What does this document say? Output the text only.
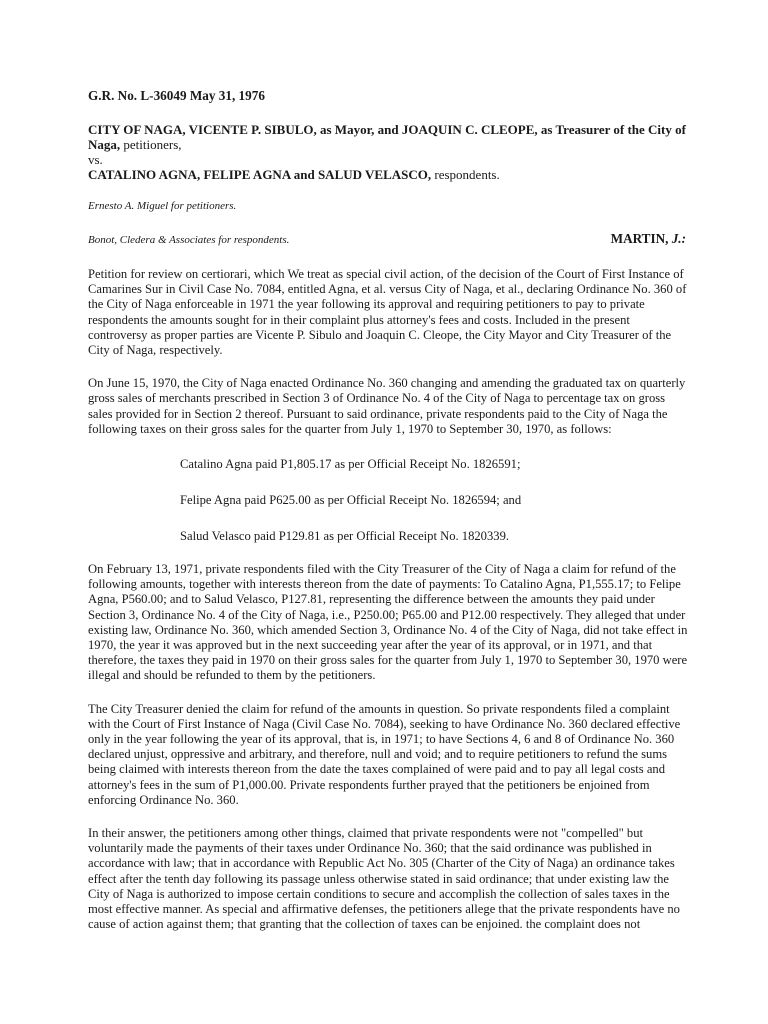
G.R. No. L-36049 May 31, 1976

CITY OF NAGA, VICENTE P. SIBULO, as Mayor, and JOAQUIN C. CLEOPE, as Treasurer of the City of Naga, petitioners,
vs.
CATALINO AGNA, FELIPE AGNA and SALUD VELASCO, respondents.

Ernesto A. Miguel for petitioners.

Bonot, Cledera & Associates for respondents.	MARTIN, J.:

Petition for review on certiorari, which We treat as special civil action, of the decision of the Court of First Instance of Camarines Sur in Civil Case No. 7084, entitled Agna, et al. versus City of Naga, et al., declaring Ordinance No. 360 of the City of Naga enforceable in 1971 the year following its approval and requiring petitioners to pay to private respondents the amounts sought for in their complaint plus attorney's fees and costs. Included in the present controversy as proper parties are Vicente P. Sibulo and Joaquin C. Cleope, the City Mayor and City Treasurer of the City of Naga, respectively.

On June 15, 1970, the City of Naga enacted Ordinance No. 360 changing and amending the graduated tax on quarterly gross sales of merchants prescribed in Section 3 of Ordinance No. 4 of the City of Naga to percentage tax on gross sales provided for in Section 2 thereof. Pursuant to said ordinance, private respondents paid to the City of Naga the following taxes on their gross sales for the quarter from July 1, 1970 to September 30, 1970, as follows:

Catalino Agna paid P1,805.17 as per Official Receipt No. 1826591;

Felipe Agna paid P625.00 as per Official Receipt No. 1826594; and

Salud Velasco paid P129.81 as per Official Receipt No. 1820339.

On February 13, 1971, private respondents filed with the City Treasurer of the City of Naga a claim for refund of the following amounts, together with interests thereon from the date of payments: To Catalino Agna, P1,555.17; to Felipe Agna, P560.00; and to Salud Velasco, P127.81, representing the difference between the amounts they paid under Section 3, Ordinance No. 4 of the City of Naga, i.e., P250.00; P65.00 and P12.00 respectively. They alleged that under existing law, Ordinance No. 360, which amended Section 3, Ordinance No. 4 of the City of Naga, did not take effect in 1970, the year it was approved but in the next succeeding year after the year of its approval, or in 1971, and that therefore, the taxes they paid in 1970 on their gross sales for the quarter from July 1, 1970 to September 30, 1970 were illegal and should be refunded to them by the petitioners.

The City Treasurer denied the claim for refund of the amounts in question. So private respondents filed a complaint with the Court of First Instance of Naga (Civil Case No. 7084), seeking to have Ordinance No. 360 declared effective only in the year following the year of its approval, that is, in 1971; to have Sections 4, 6 and 8 of Ordinance No. 360 declared unjust, oppressive and arbitrary, and therefore, null and void; and to require petitioners to refund the sums being claimed with interests thereon from the date the taxes complained of were paid and to pay all legal costs and attorney's fees in the sum of P1,000.00. Private respondents further prayed that the petitioners be enjoined from enforcing Ordinance No. 360.

In their answer, the petitioners among other things, claimed that private respondents were not "compelled" but voluntarily made the payments of their taxes under Ordinance No. 360; that the said ordinance was published in accordance with law; that in accordance with Republic Act No. 305 (Charter of the City of Naga) an ordinance takes effect after the tenth day following its passage unless otherwise stated in said ordinance; that under existing law the City of Naga is authorized to impose certain conditions to secure and accomplish the collection of sales taxes in the most effective manner. As special and affirmative defenses, the petitioners allege that the private respondents have no cause of action against them; that granting that the collection of taxes can be enjoined. the complaint does not
